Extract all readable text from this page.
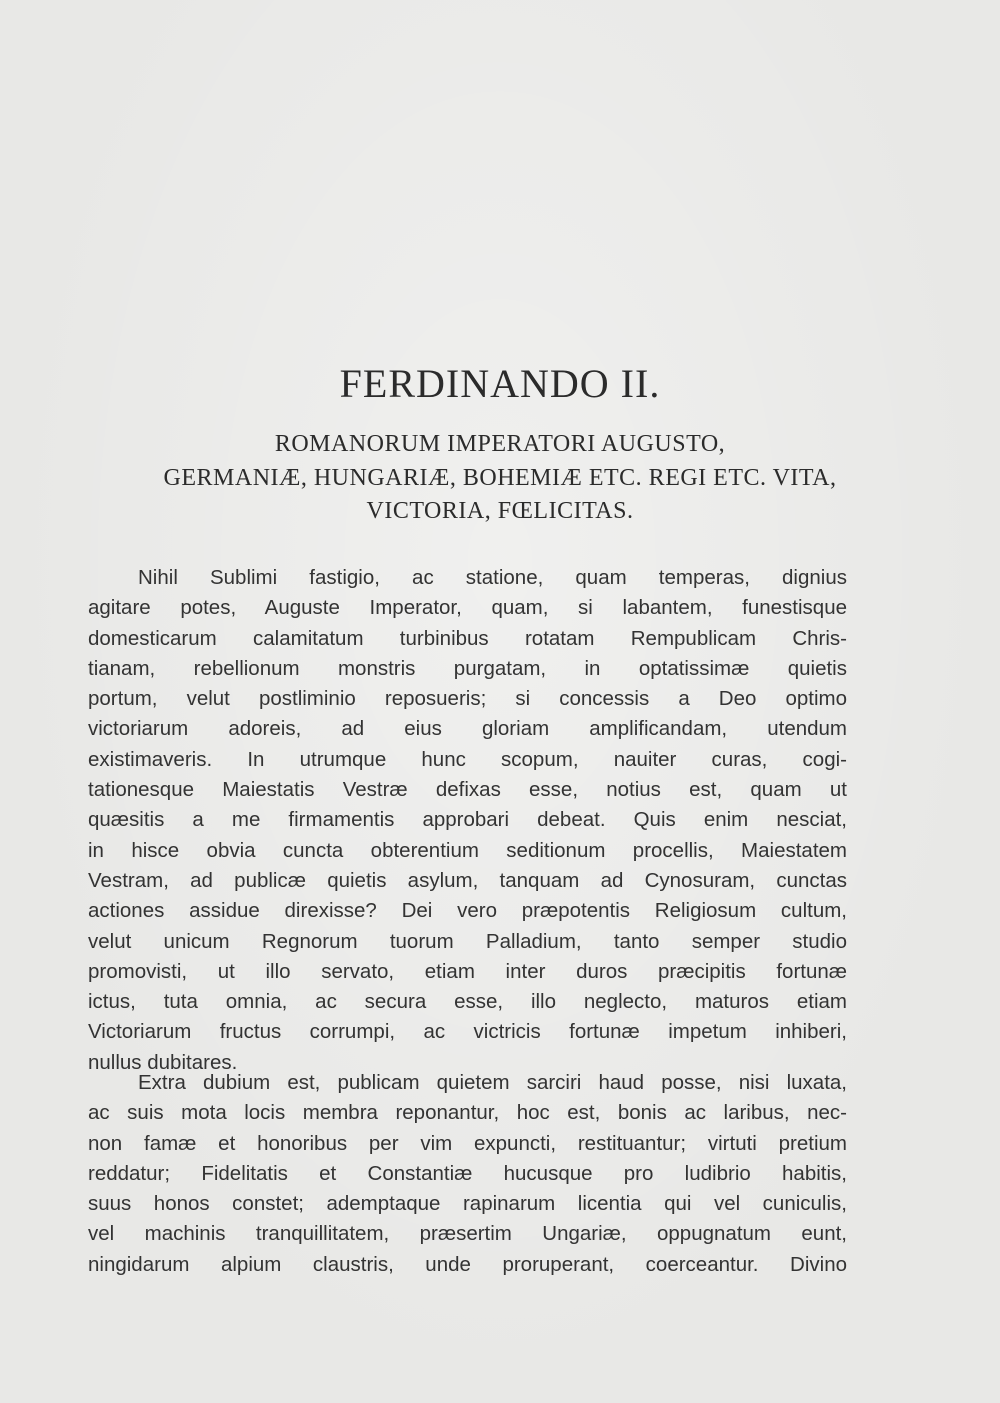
FERDINANDO II.
ROMANORUM IMPERATORI AUGUSTO,
GERMANIÆ, HUNGARIÆ, BOHEMIÆ ETC. REGI ETC. VITA,
VICTORIA, FŒLICITAS.
Nihil Sublimi fastigio, ac statione, quam temperas, dignius
agitare potes, Auguste Imperator, quam, si labantem, funestisque
domesticarum calamitatum turbinibus rotatam Rempublicam Chris-
tianam, rebellionum monstris purgatam, in optatissimæ quietis
portum, velut postliminio reposueris; si concessis a Deo optimo
victoriarum adoreis, ad eius gloriam amplificandam, utendum
existimaveris. In utrumque hunc scopum, nauiter curas, cogi-
tationesque Maiestatis Vestræ defixas esse, notius est, quam ut
quæsitis a me firmamentis approbari debeat. Quis enim nesciat,
in hisce obvia cuncta obterentium seditionum procellis, Maiestatem
Vestram, ad publicæ quietis asylum, tanquam ad Cynosuram, cunctas
actiones assidue direxisse? Dei vero præpotentis Religiosum cultum,
velut unicum Regnorum tuorum Palladium, tanto semper studio
promovisti, ut illo servato, etiam inter duros præcipitis fortunæ
ictus, tuta omnia, ac secura esse, illo neglecto, maturos etiam
Victoriarum fructus corrumpi, ac victricis fortunæ impetum inhiberi,
nullus dubitares.
Extra dubium est, publicam quietem sarciri haud posse, nisi luxata,
ac suis mota locis membra reponantur, hoc est, bonis ac laribus, nec-
non famæ et honoribus per vim expuncti, restituantur; virtuti pretium
reddatur; Fidelitatis et Constantiæ hucusque pro ludibrio habitis,
suus honos constet; ademptaque rapinarum licentia qui vel cuniculis,
vel machinis tranquillitatem, præsertim Ungariæ, oppugnatum eunt,
ningidarum alpium claustris, unde proruperant, coerceantur. Divino
